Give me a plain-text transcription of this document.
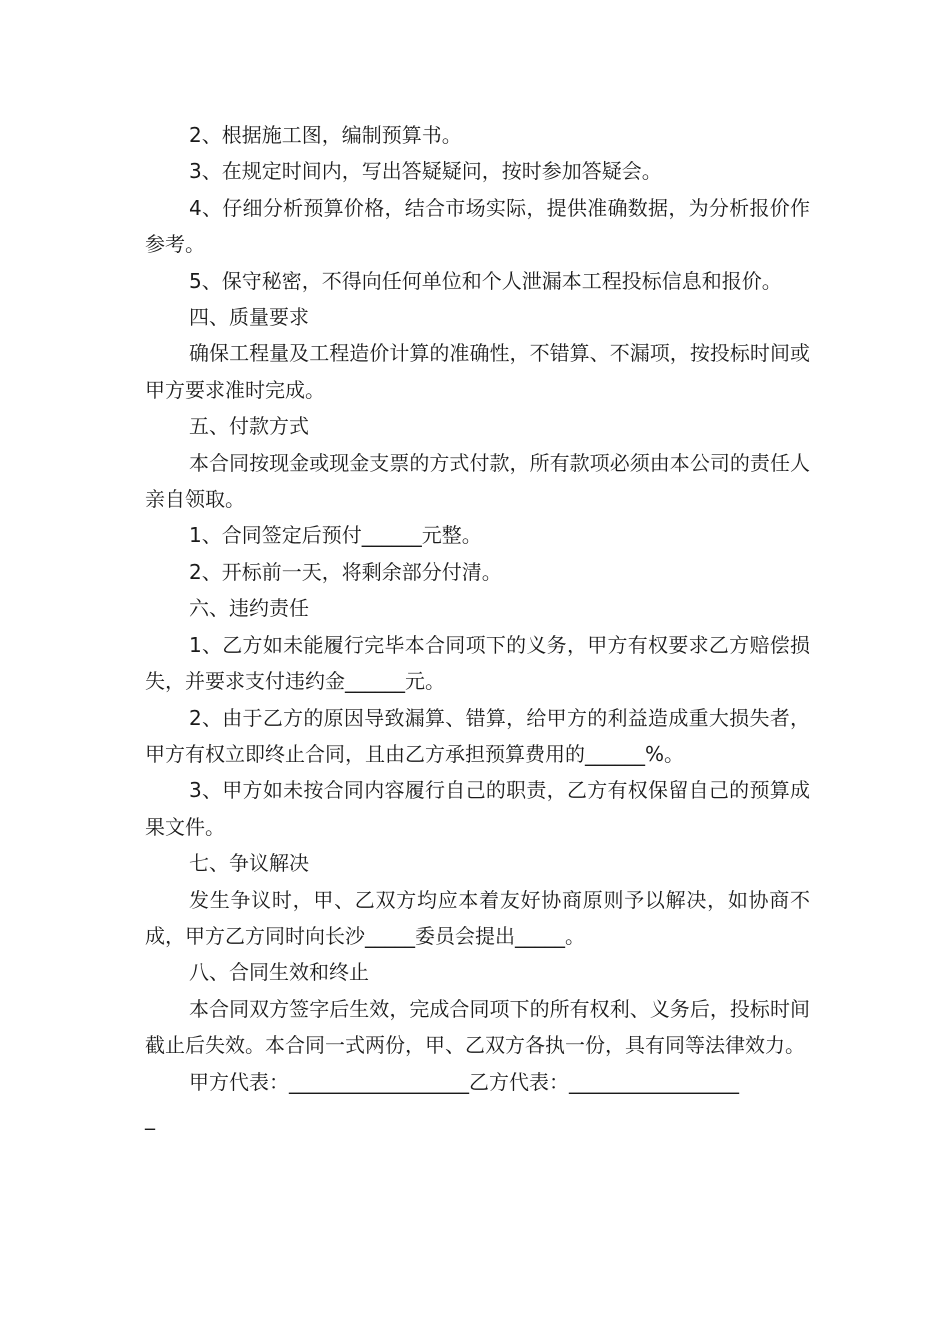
2、根据施工图，编制预算书。

3、在规定时间内，写出答疑疑问，按时参加答疑会。

4、仔细分析预算价格，结合市场实际，提供准确数据，为分析报价作参考。

5、保守秘密，不得向任何单位和个人泄漏本工程投标信息和报价。

四、质量要求

确保工程量及工程造价计算的准确性，不错算、不漏项，按投标时间或甲方要求准时完成。

五、付款方式

本合同按现金或现金支票的方式付款，所有款项必须由本公司的责任人亲自领取。

1、合同签定后预付______元整。

2、开标前一天，将剩余部分付清。

六、违约责任

1、乙方如未能履行完毕本合同项下的义务，甲方有权要求乙方赔偿损失，并要求支付违约金______元。

2、由于乙方的原因导致漏算、错算，给甲方的利益造成重大损失者，甲方有权立即终止合同，且由乙方承担预算费用的______%。

3、甲方如未按合同内容履行自己的职责，乙方有权保留自己的预算成果文件。

七、争议解决

发生争议时，甲、乙双方均应本着友好协商原则予以解决，如协商不成，甲方乙方同时向长沙_____委员会提出_____。

八、合同生效和终止

本合同双方签字后生效，完成合同项下的所有权利、义务后，投标时间截止后失效。本合同一式两份，甲、乙双方各执一份，具有同等法律效力。

甲方代表：__________________乙方代表：_________________

_
